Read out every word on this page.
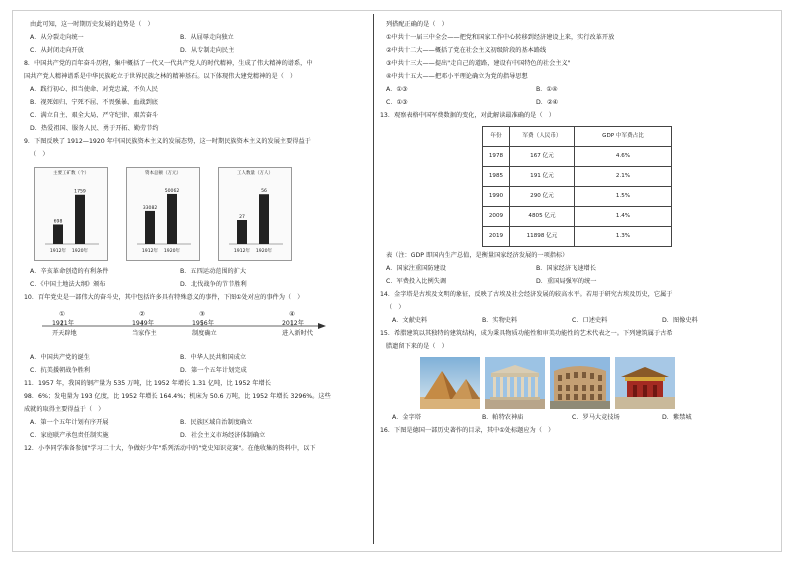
由此可知，这一时期历史发展的趋势是（　）
A．从分裂走向统一	B．从屈辱走向独立
C．从封闭走向开放	D．从专制走向民主
8．中国共产党的百年奋斗历程，集中概括了一代又一代共产党人的时代精神，生成了伟大精神的谱系，中
国共产党人精神谱系是中华民族屹立于世界民族之林的精神基石。以下体现伟大建党精神的是（　）
A．践行初心、担当使命、对党忠诚、不负人民
B．视死如归、宁死不屈、不畏强暴、血战到底
C．满立自主、艰全大局、严守纪律、艰苦奋斗
D．热爱祖国、服务人民、勇于开拓、勤劳节约
9．下图反映了 1912—1920 年中国民族资本主义的发展态势，这一时期民族资本主义的发展主要得益于
（　）
主要工矿数（个）
698
1912年
1759
1920年
资本总额（万元）
33082
1912年
50062
1920年
工人数量（万人）
27
1912年
56
1920年
A．辛亥革命创造的有利条件	B．五四运动范围的扩大
C．《中国土地法大纲》颁布	D．北伐战争的节节胜利
10．百年党史是一部伟大的奋斗史，其中包括许多具有特殊意义的事件，下图①处对应的事件为（　）
①
1921年
开天辟地
②
1949年
当家作主
③
1956年
制度确立
④
2012年
进入新时代
A．中国共产党的诞生	B．中华人民共和国成立
C．抗美援朝战争胜利	D．第一个五年计划完成
11．1957 年，我国的钢产量为 535 万吨，比 1952 年增长 1.31 亿吨，比 1952 年增长
98．6%；发电量为 193 亿度，比 1952 年增长 164.4%；机床为 50.6 万吨，比 1952 年增长 3296%。这些
成就的取得主要得益于（　）
A．第一个五年计划有序开展	B．民族区域自治制度确立
C．家庭联产承包责任制实施	D．社会主义市场经济体制确立
12．小李同学准备参加"学习二十大，争做好少年"系列活动中的"党史知识竞赛"。在他收集的资料中，以下
列搭配正确的是（　）
①中共十一届三中全会——把党和国家工作中心转移到经济建设上来，实行改革开放
②中共十二大——概括了党在社会主义初级阶段的基本路线
③中共十三大——提出"走自己的道路，建设有中国特色的社会主义"
④中共十五大——把邓小平理论确立为党的指导思想
A．①③	B．①④
C．①③	D．②④
13．观察表格中国军费数据的变化，对此解读最准确的是（　）
年份	军费（人民币）	GDP 中军费占比
1978	167 亿元	4.6%
1985	191 亿元	2.1%
1990	290 亿元	1.5%
2009	4805 亿元	1.4%
2019	11898 亿元	1.3%
表（注：GDP 即国内生产总值，是衡量国家经济发展的一项指标）
A．国家注重国防建设	B．国家经济飞速增长
C．军费投入比例失调	D．重国局强军的统一
14．金字塔是古埃及文明的象征，反映了古埃及社会经济发展的较高水平。若用于研究古埃及历史，它属于
（　）
A．文献史料	B．实物史料	C．口述史料	D．图像史料
15．希腊建筑以其独特的建筑结构，成为秉具物质功能性和审美功能性的艺术代表之一。下列建筑属于古希
腊遗留下来的是（　）
A．金字塔	B．帕特农神庙	C．罗马大竞技场	D．紫禁城
16．下图是德国一部历史著作的目录，其中①处标题应为（　）
